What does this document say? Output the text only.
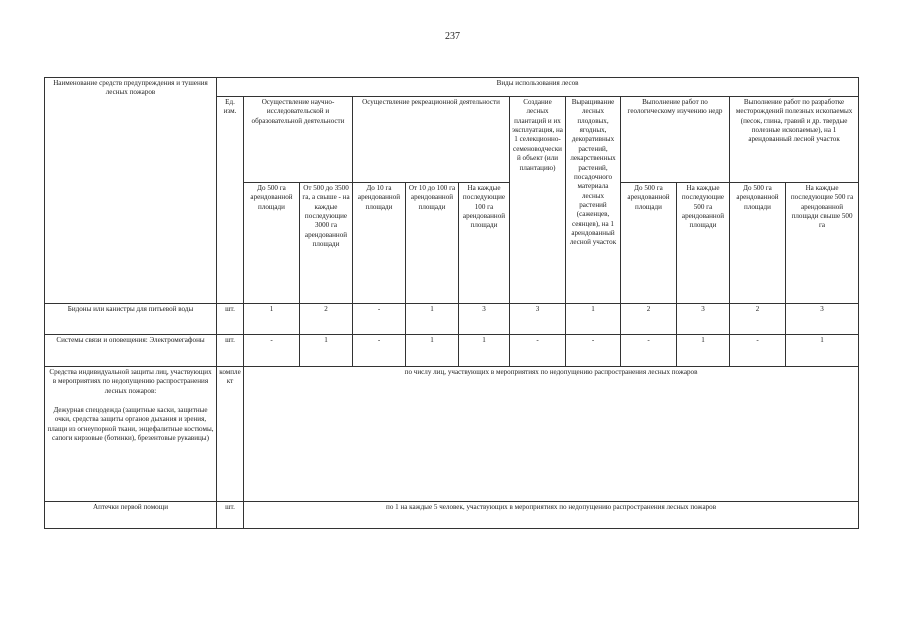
237
Наименование средств предупреждения и тушения лесных пожаров	Виды использования лесов											
	Ед. изм.	Осуществление научно-исследовательской и образовательной деятельности		Осуществление рекреационной деятельности			Создание лесных плантаций и их эксплуатация, на 1 селекционно-семеноводческий объект (или плантацию)	Выращивание лесных плодовых, ягодных, декоративных растений, лекарственных растений, посадочного материала лесных растений (саженцев, сеянцев), на 1 арендованный лесной участок	Выполнение работ по геологическому изучению недр		Выполнение работ по разработке месторождений полезных ископаемых (песок, глина, гравий и др. твердые полезные ископаемые), на 1 арендованный лесной участок	
		До 500 га арендованной площади	От 500 до 3500 га, а свыше - на каждые последующие 3000 га арендованной площади	До 10 га арендованной площади	От 10 до 100 га арендованной площади	На каждые последующие 100 га арендованной площади			До 500 га арендованной площади	На каждые последующие 500 га арендованной площади	До 500 га арендованной площади	На каждые последующие 500 га арендованной площади свыше 500 га
Бидоны или канистры для питьевой воды	шт.	1	2	-	1	3	3	1	2	3	2	3
Системы связи и оповещения: Электромегафоны	шт.	-	1	-	1	1	-	-	-	1	-	1

Средства индивидуальной защиты лиц, участвующих в мероприятиях по недопущению распространения лесных пожаров:
Дежурная спецодежда (защитные каски, защитные очки, средства защиты органов дыхания и зрения, плащи из огнеупорной ткани, энцефалитные костюмы, сапоги кирзовые (ботинки), брезентовые рукавицы)	комплект	по числу лиц, участвующих в мероприятиях по недопущению распространения лесных пожаров										
Аптечки первой помощи	шт.	по 1 на каждые 5 человек, участвующих в мероприятиях по недопущению распространения лесных пожаров										
